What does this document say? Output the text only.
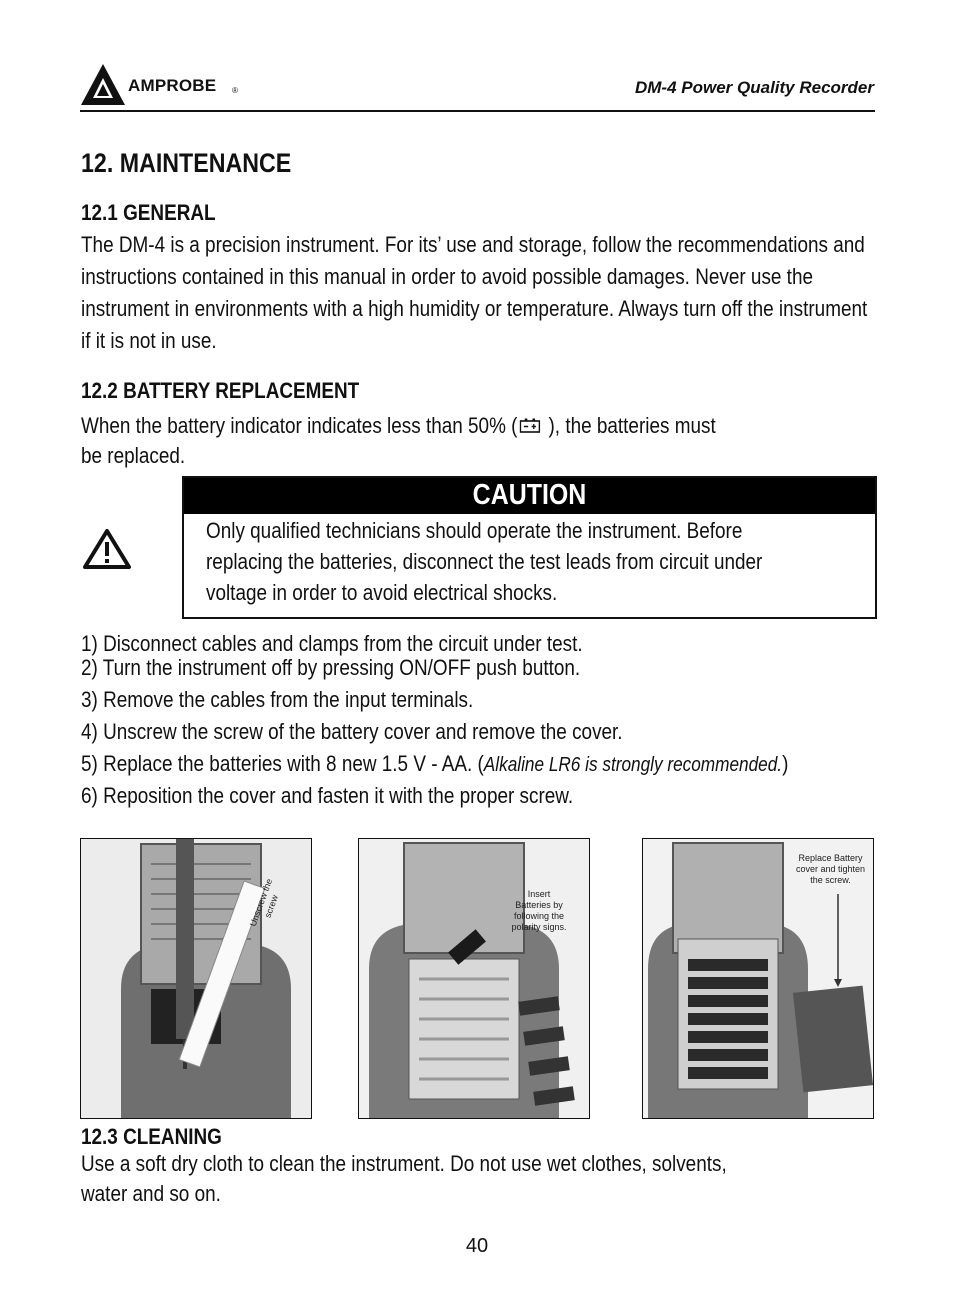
AMPROBE ®	DM-4 Power Quality Recorder
12. MAINTENANCE
12.1 GENERAL
The DM-4 is a precision instrument. For its’ use and storage, follow the recommendations and instructions contained in this manual in order to avoid possible damages. Never use the instrument in environments with a high humidity or temperature. Always turn off the instrument if it is not in use.
12.2 BATTERY REPLACEMENT
When the battery indicator indicates less than 50% ( ), the batteries must
be replaced.
CAUTION
Only qualified technicians should operate the instrument. Before
replacing the batteries, disconnect the test leads from circuit under
voltage in order to avoid electrical shocks.
1) Disconnect cables and clamps from the circuit under test.
2) Turn the instrument off by pressing ON/OFF push button.
3) Remove the cables from the input terminals.
4) Unscrew the screw of the battery cover and remove the cover.
5) Replace the batteries with 8 new 1.5 V - AA. (Alkaline LR6 is strongly recommended.)
6) Reposition the cover and fasten it with the proper screw.
Unscrew the screw	Insert Batteries by following the polarity signs.
Replace Battery cover and tighten the screw.
12.3 CLEANING
Use a soft dry cloth to clean the instrument. Do not use wet clothes, solvents,
water and so on.
40
